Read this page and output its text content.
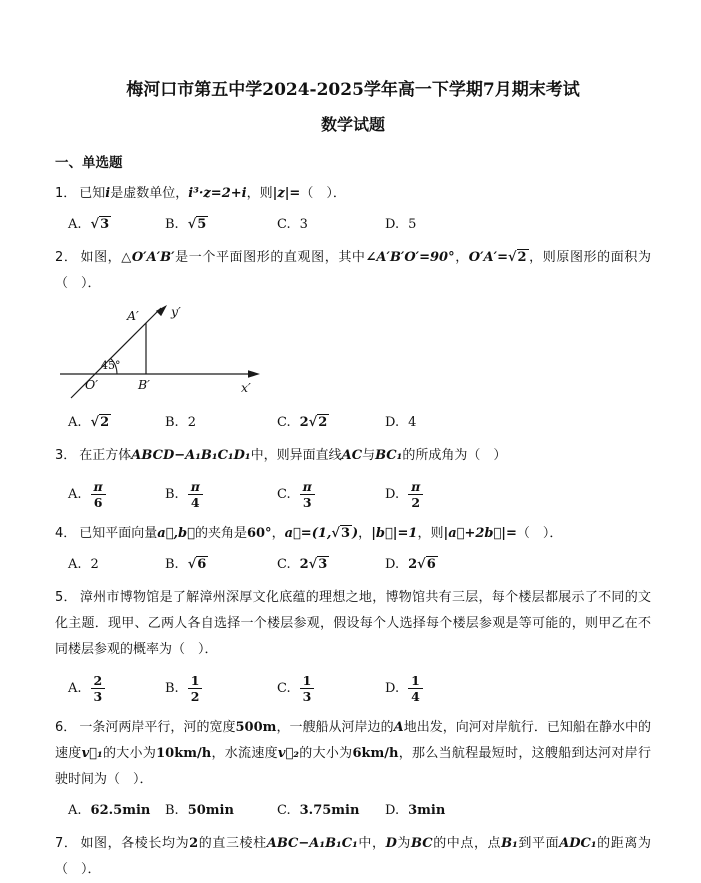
梅河口市第五中学2024-2025学年高一下学期7月期末考试
数学试题
一、单选题

1． 已知i是虚数单位，i³·z=2+i，则|z|=（　）．

A. √3	B. √5	C. 3	D. 5

2． 如图，△O′A′B′是一个平面图形的直观图，其中∠A′B′O′=90°，O′A′=√2 ，则原图形的面积为（　）．

A′	y′
45°
O′	B′	x′
A. √2	B. 2	C. 2√2	D. 4

3． 在正方体ABCD−A₁B₁C₁D₁中，则异面直线AC与BC₁的所成角为（　）

A. $\frac{\pi}{6}$	B. $\frac{\pi}{4}$	C. $\frac{\pi}{3}$	D. $\frac{\pi}{2}$

4． 已知平面向量a⃗,b⃗的夹角是60°，a⃗=(1,√3 )，|b⃗|=1，则|a⃗+2b⃗|=（　）．

A. 2	B. √6	C. 2√3	D. 2√6

5． 漳州市博物馆是了解漳州深厚文化底蕴的理想之地，博物馆共有三层，每个楼层都展示了不同的文化主题．现甲、乙两人各自选择一个楼层参观，假设每个人选择每个楼层参观是等可能的，则甲乙在不同楼层参观的概率为（　）．

A. $\frac{2}{3}$	B. $\frac{1}{2}$	C. $\frac{1}{3}$	D. $\frac{1}{4}$

6． 一条河两岸平行，河的宽度500m，一艘船从河岸边的A地出发，向河对岸航行．已知船在静水中的速度v⃗₁的大小为10km/h，水流速度v⃗₂的大小为6km/h，那么当航程最短时，这艘船到达河对岸行驶时间为（　）．

A. 62.5min	B. 50min	C. 3.75min	D. 3min

7． 如图，各棱长均为2的直三棱柱ABC−A₁B₁C₁中，D为BC的中点，点B₁到平面ADC₁的距离为（　）．
